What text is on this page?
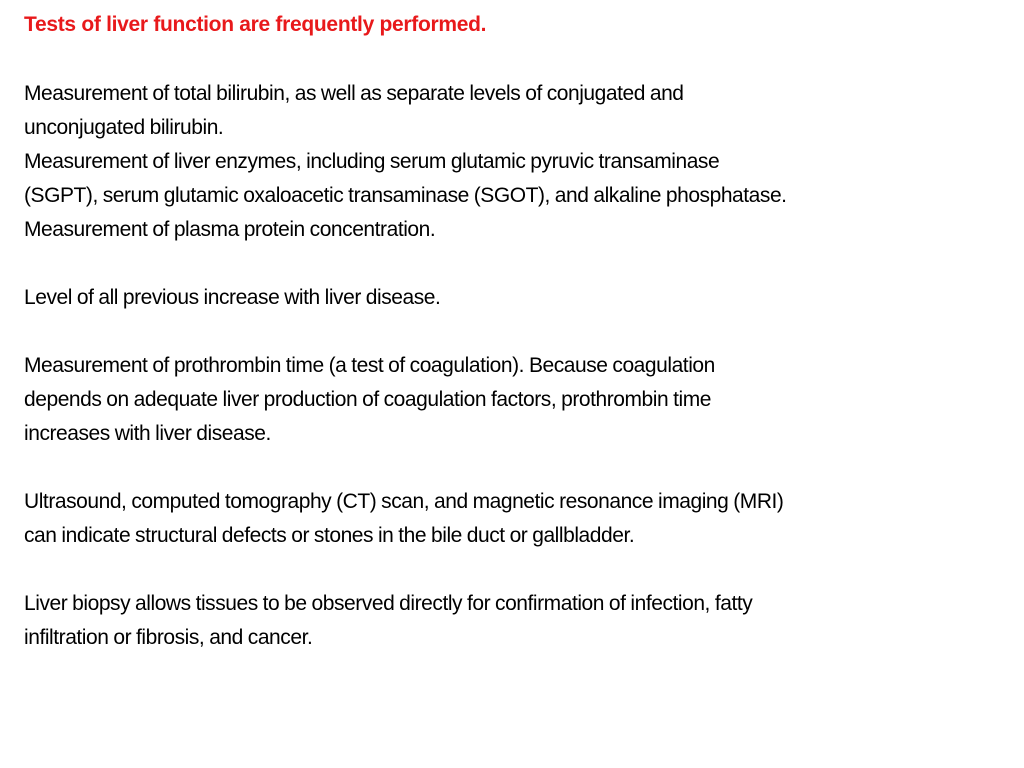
Tests of liver function are frequently performed.
Measurement of total bilirubin, as well as separate levels of conjugated and
unconjugated bilirubin.
Measurement of liver enzymes, including serum glutamic pyruvic transaminase
(SGPT), serum glutamic oxaloacetic transaminase (SGOT), and alkaline phosphatase.
Measurement of plasma protein concentration.
Level of all previous increase with liver disease.
Measurement of prothrombin time (a test of coagulation). Because coagulation
depends on adequate liver production of coagulation factors, prothrombin time
increases with liver disease.
Ultrasound, computed tomography (CT) scan, and magnetic resonance imaging (MRI)
can indicate structural defects or stones in the bile duct or gallbladder.
Liver biopsy allows tissues to be observed directly for confirmation of infection, fatty
infiltration or fibrosis, and cancer.
